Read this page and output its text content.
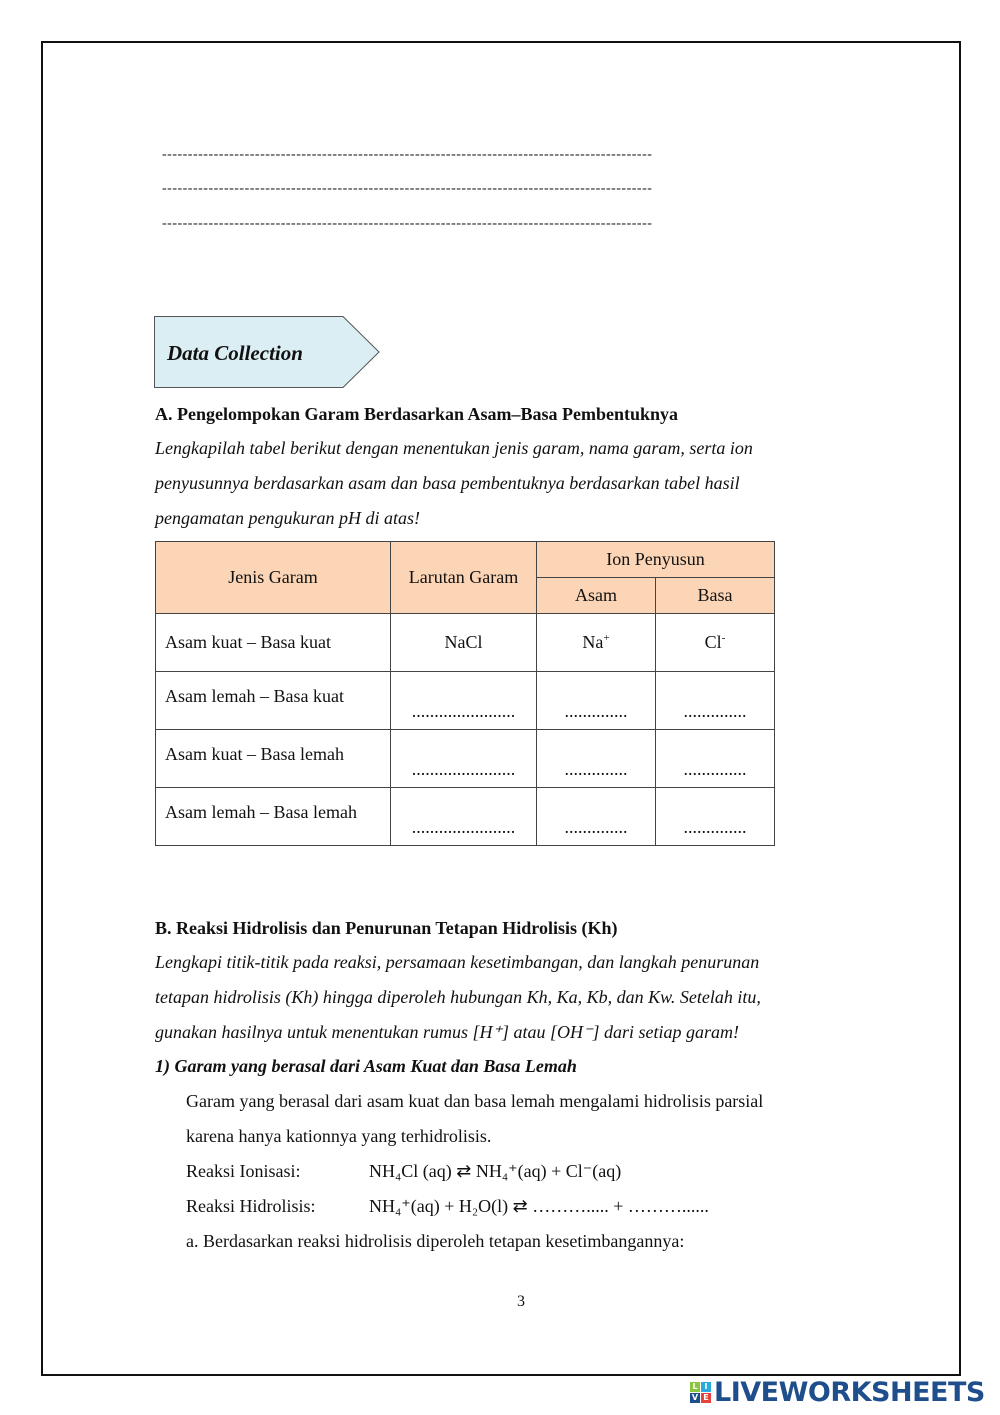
-----------------------------------------------------------------------------------------------
-----------------------------------------------------------------------------------------------
-----------------------------------------------------------------------------------------------
Data Collection
A. Pengelompokan Garam Berdasarkan Asam–Basa Pembentuknya
Lengkapilah tabel berikut dengan menentukan jenis garam, nama garam, serta ion
penyusunnya berdasarkan asam dan basa pembentuknya berdasarkan tabel hasil
pengamatan pengukuran pH di atas!
Jenis Garam	Larutan Garam	Ion Penyusun	
		Asam	Basa
Asam kuat – Basa kuat	NaCl	Na+	Cl-
Asam lemah – Basa kuat	.......................	..............	..............

Asam kuat – Basa lemah	.......................	..............	..............

Asam lemah – Basa lemah	.......................	..............	..............
B. Reaksi Hidrolisis dan Penurunan Tetapan Hidrolisis (Kh)
Lengkapi titik-titik pada reaksi, persamaan kesetimbangan, dan langkah penurunan
tetapan hidrolisis (Kh) hingga diperoleh hubungan Kh, Ka, Kb, dan Kw. Setelah itu,
gunakan hasilnya untuk menentukan rumus [H⁺] atau [OH⁻] dari setiap garam!
1) Garam yang berasal dari Asam Kuat dan Basa Lemah
Garam yang berasal dari asam kuat dan basa lemah mengalami hidrolisis parsial
karena hanya kationnya yang terhidrolisis.
Reaksi Ionisasi:	NH₄Cl (aq) ⇄ NH₄⁺(aq) + Cl⁻(aq)
Reaksi Hidrolisis:	NH₄⁺(aq) + H₂O(l) ⇄ ………..... + ………......
a. Berdasarkan reaksi hidrolisis diperoleh tetapan kesetimbangannya:
3
L I
V E LIVEWORKSHEETS
